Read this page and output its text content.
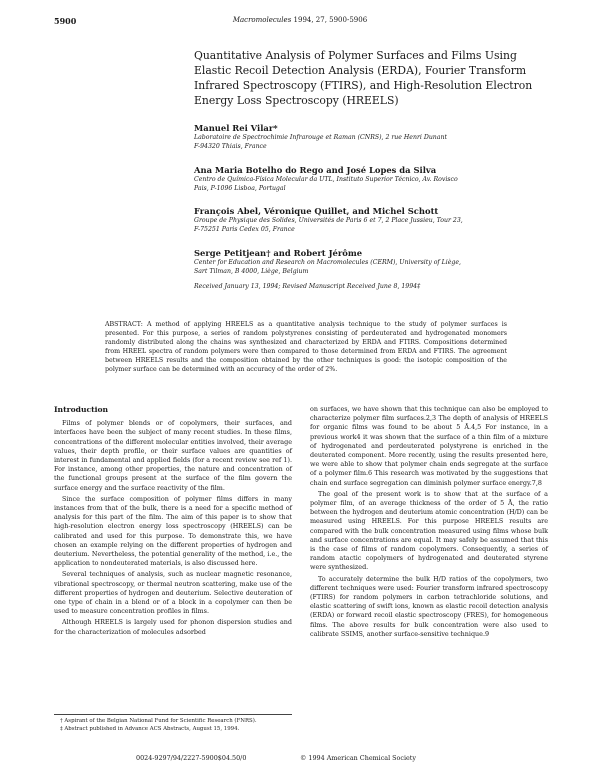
5900	Macromolecules 1994, 27, 5900-5906
Quantitative Analysis of Polymer Surfaces and Films Using Elastic Recoil Detection Analysis (ERDA), Fourier Transform Infrared Spectroscopy (FTIRS), and High-Resolution Electron Energy Loss Spectroscopy (HREELS)
Manuel Rei Vilar*
Laboratoire de Spectrochimie Infrarouge et Raman (CNRS), 2 rue Henri Dunant
F-94320 Thiais, France
Ana Maria Botelho do Rego and José Lopes da Silva
Centro de Química-Física Molecular da UTL, Instituto Superior Técnico, Av. Rovisco
Pais, P-1096 Lisboa, Portugal
François Abel, Véronique Quillet, and Michel Schott
Groupe de Physique des Solides, Universités de Paris 6 et 7, 2 Place Jussieu, Tour 23,
F-75251 Paris Cedex 05, France
Serge Petitjean† and Robert Jérôme
Center for Education and Research on Macromolecules (CERM), University of Liège,
Sart Tilman, B 4000, Liège, Belgium
Received January 13, 1994; Revised Manuscript Received June 8, 1994‡
ABSTRACT: A method of applying HREELS as a quantitative analysis technique to the study of polymer surfaces is presented. For this purpose, a series of random polystyrenes consisting of perdeuterated and hydrogenated monomers randomly distributed along the chains was synthesized and characterized by ERDA and FTIRS. Compositions determined from HREEL spectra of random polymers were then compared to those determined from ERDA and FTIRS. The agreement between HREELS results and the composition obtained by the other techniques is good: the isotopic composition of the polymer surface can be determined with an accuracy of the order of 2%.
Introduction

Films of polymer blends or of copolymers, their surfaces, and interfaces have been the subject of many recent studies. In these films, concentrations of the different molecular entities involved, their average values, their depth profile, or their surface values are quantities of interest in fundamental and applied fields (for a recent review see ref 1). For instance, among other properties, the nature and concentration of the functional groups present at the surface of the film govern the surface energy and the surface reactivity of the film.

Since the surface composition of polymer films differs in many instances from that of the bulk, there is a need for a specific method of analysis for this part of the film. The aim of this paper is to show that high-resolution electron energy loss spectroscopy (HREELS) can be calibrated and used for this purpose. To demonstrate this, we have chosen an example relying on the different properties of hydrogen and deuterium. Nevertheless, the potential generality of the method, i.e., the application to nondeuterated materials, is also discussed here.

Several techniques of analysis, such as nuclear magnetic resonance, vibrational spectroscopy, or thermal neutron scattering, make use of the different properties of hydrogen and deuterium. Selective deuteration of one type of chain in a blend or of a block in a copolymer can then be used to measure concentration profiles in films.

Although HREELS is largely used for phonon dispersion studies and for the characterization of molecules adsorbed

on surfaces, we have shown that this technique can also be employed to characterize polymer film surfaces.2,3 The depth of analysis of HREELS for organic films was found to be about 5 Å.4,5 For instance, in a previous work4 it was shown that the surface of a thin film of a mixture of hydrogenated and perdeuterated polystyrene is enriched in the deuterated component. More recently, using the results presented here, we were able to show that polymer chain ends segregate at the surface of a polymer film.6 This research was motivated by the suggestions that chain end surface segregation can diminish polymer surface energy.7,8

The goal of the present work is to show that at the surface of a polymer film, of an average thickness of the order of 5 Å, the ratio between the hydrogen and deuterium atomic concentration (H/D) can be measured using HREELS. For this purpose HREELS results are compared with the bulk concentration measured using films whose bulk and surface concentrations are equal. It may safely be assumed that this is the case of films of random copolymers. Consequently, a series of random atactic copolymers of hydrogenated and deuterated styrene were synthesized.

To accurately determine the bulk H/D ratios of the copolymers, two different techniques were used: Fourier transform infrared spectroscopy (FTIRS) for random polymers in carbon tetrachloride solutions, and elastic scattering of swift ions, known as elastic recoil detection analysis (ERDA) or forward recoil elastic spectroscopy (FRES), for homogeneous films. The above results for bulk concentration were also used to calibrate SSIMS, another surface-sensitive technique.9

† Aspirant of the Belgian National Fund for Scientific Research (FNRS).
‡ Abstract published in Advance ACS Abstracts, August 15, 1994.
0024-9297/94/2227-5900$04.50/0	© 1994 American Chemical Society
